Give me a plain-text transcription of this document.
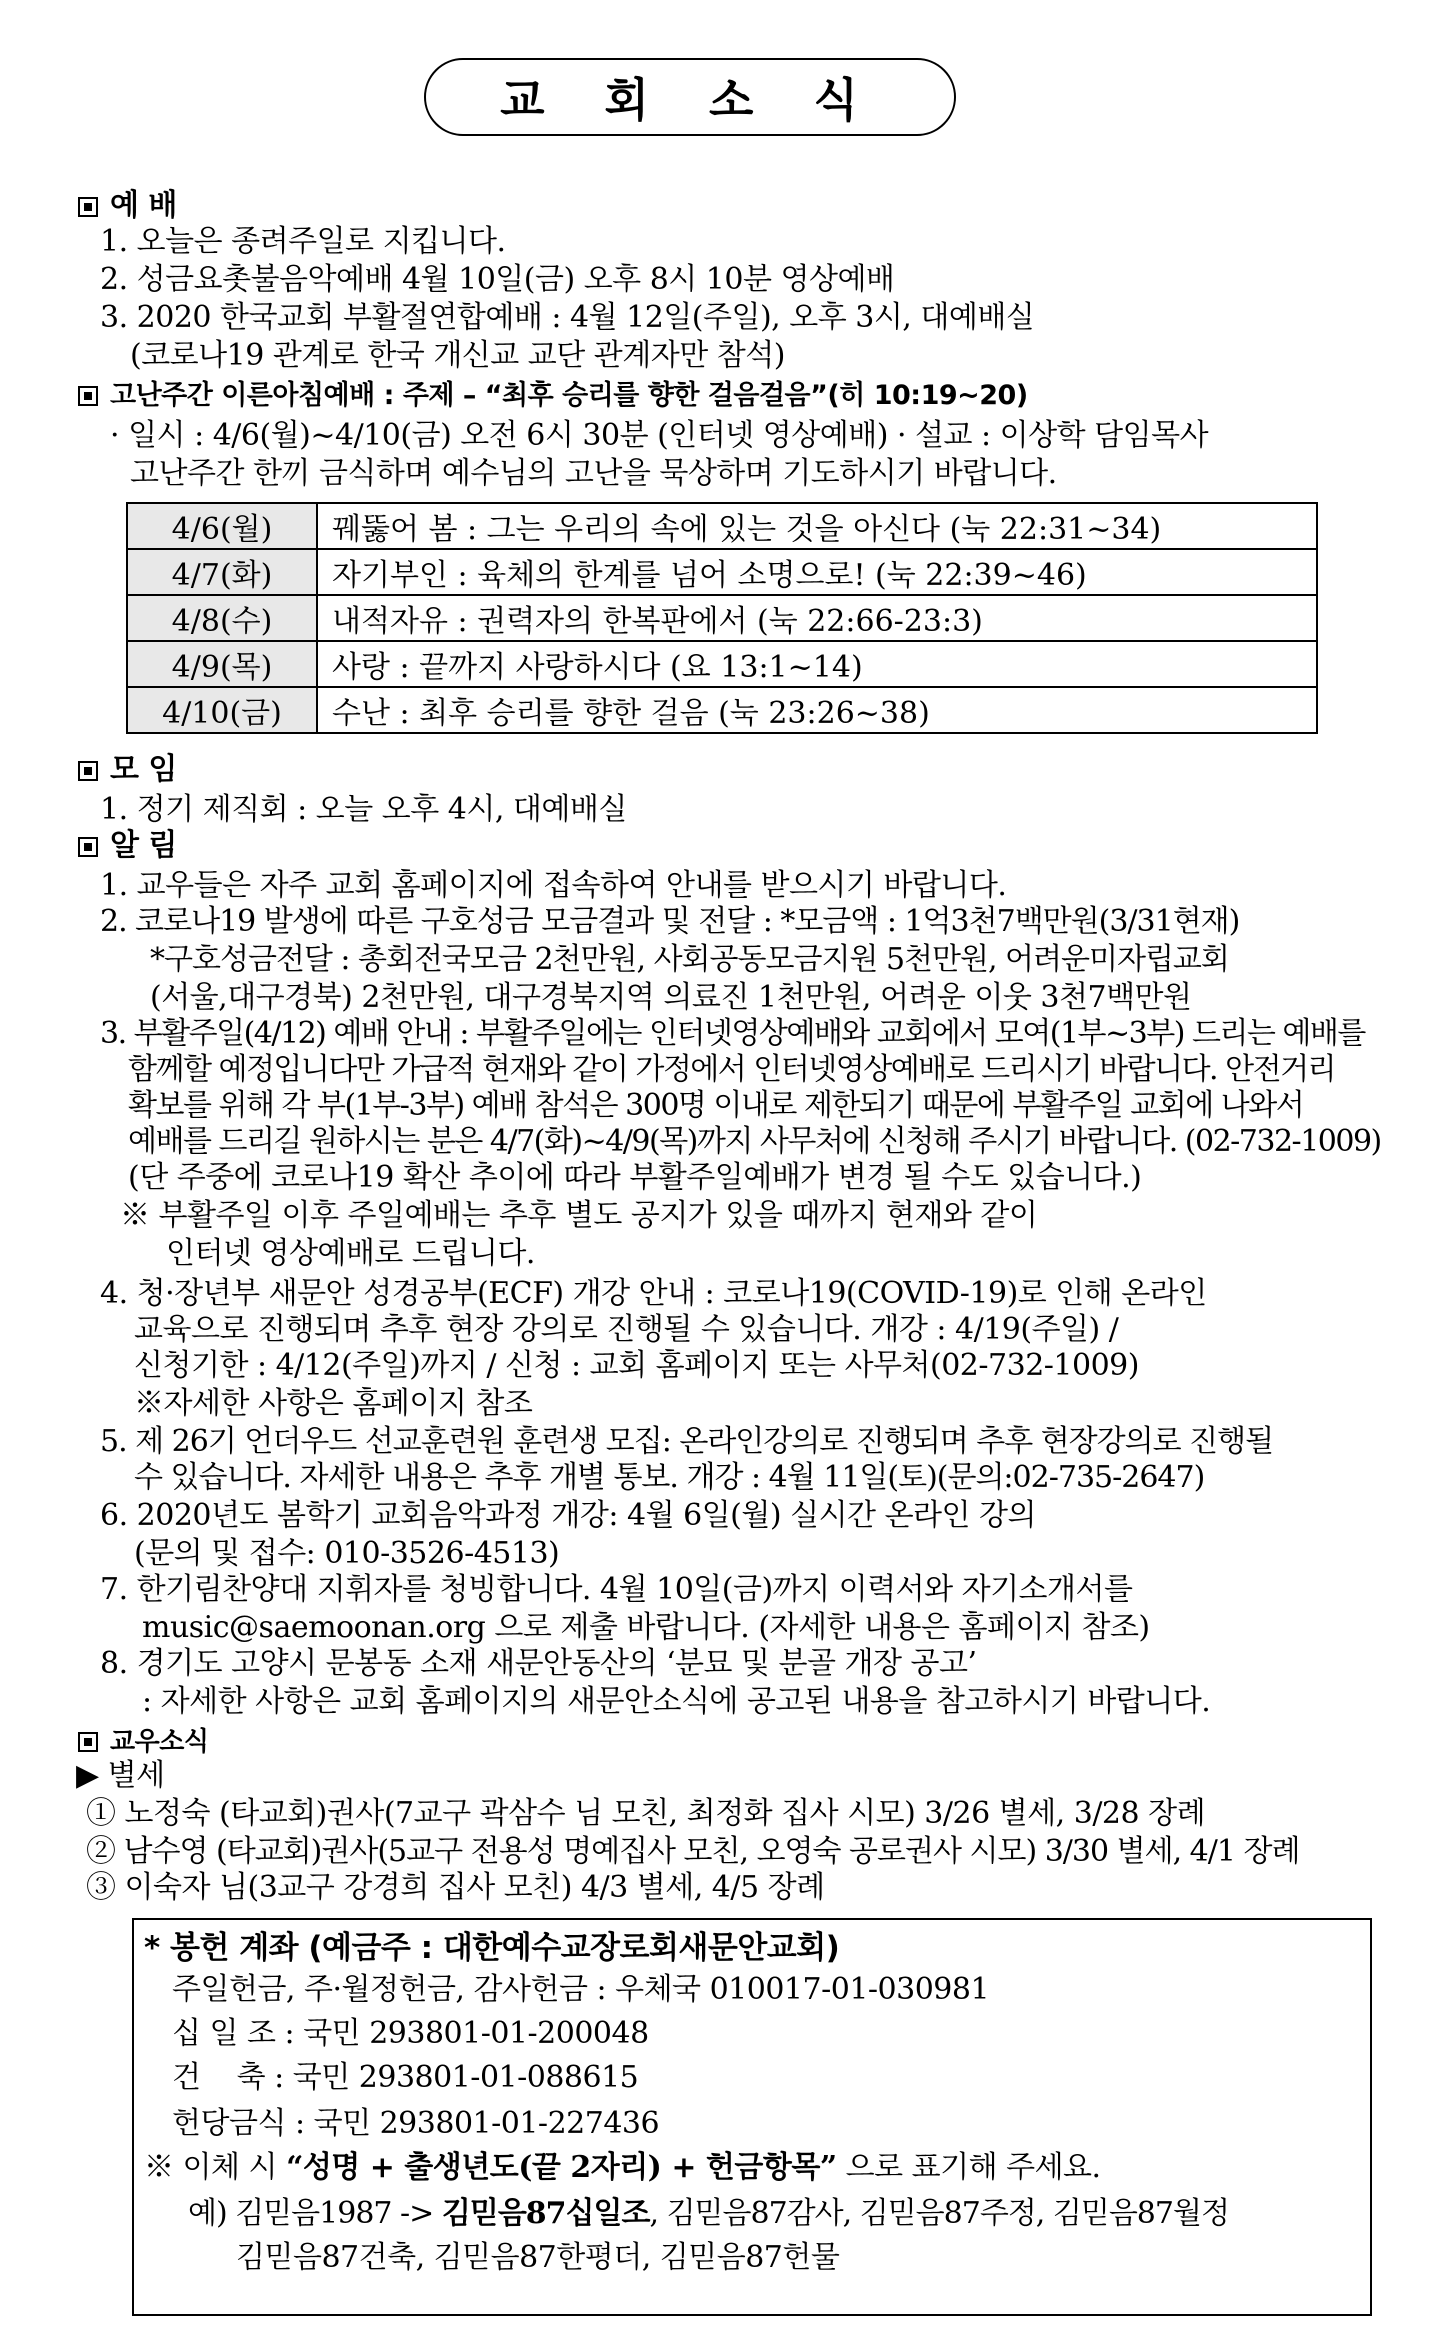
교 회 소 식
예 배
1. 오늘은 종려주일로 지킵니다.
2. 성금요촛불음악예배 4월 10일(금) 오후 8시 10분 영상예배
3. 2020 한국교회 부활절연합예배 : 4월 12일(주일), 오후 3시, 대예배실
(코로나19 관계로 한국 개신교 교단 관계자만 참석)
고난주간 이른아침예배 : 주제 – “최후 승리를 향한 걸음걸음”(히 10:19~20)
· 일시 : 4/6(월)~4/10(금) 오전 6시 30분 (인터넷 영상예배) · 설교 : 이상학 담임목사
고난주간 한끼 금식하며 예수님의 고난을 묵상하며 기도하시기 바랍니다.
4/6(월)	꿰뚫어 봄 : 그는 우리의 속에 있는 것을 아신다 (눅 22:31~34)
4/7(화)	자기부인 : 육체의 한계를 넘어 소명으로! (눅 22:39~46)
4/8(수)	내적자유 : 권력자의 한복판에서 (눅 22:66-23:3)
4/9(목)	사랑 : 끝까지 사랑하시다 (요 13:1~14)
4/10(금)	수난 : 최후 승리를 향한 걸음 (눅 23:26~38)
모 임
1. 정기 제직회 : 오늘 오후 4시, 대예배실
알 림
1. 교우들은 자주 교회 홈페이지에 접속하여 안내를 받으시기 바랍니다.
2. 코로나19 발생에 따른 구호성금 모금결과 및 전달 : *모금액 : 1억3천7백만원(3/31현재)
*구호성금전달 : 총회전국모금 2천만원, 사회공동모금지원 5천만원, 어려운미자립교회
(서울,대구경북) 2천만원, 대구경북지역 의료진 1천만원, 어려운 이웃 3천7백만원
3. 부활주일(4/12) 예배 안내 : 부활주일에는 인터넷영상예배와 교회에서 모여(1부~3부) 드리는 예배를
함께할 예정입니다만 가급적 현재와 같이 가정에서 인터넷영상예배로 드리시기 바랍니다. 안전거리
확보를 위해 각 부(1부-3부) 예배 참석은 300명 이내로 제한되기 때문에 부활주일 교회에 나와서
예배를 드리길 원하시는 분은 4/7(화)~4/9(목)까지 사무처에 신청해 주시기 바랍니다. (02-732-1009)
(단 주중에 코로나19 확산 추이에 따라 부활주일예배가 변경 될 수도 있습니다.)
※ 부활주일 이후 주일예배는 추후 별도 공지가 있을 때까지 현재와 같이
인터넷 영상예배로 드립니다.
4. 청·장년부 새문안 성경공부(ECF) 개강 안내 : 코로나19(COVID-19)로 인해 온라인
교육으로 진행되며 추후 현장 강의로 진행될 수 있습니다. 개강 : 4/19(주일) /
신청기한 : 4/12(주일)까지 / 신청 : 교회 홈페이지 또는 사무처(02-732-1009)
※자세한 사항은 홈페이지 참조
5. 제 26기 언더우드 선교훈련원 훈련생 모집: 온라인강의로 진행되며 추후 현장강의로 진행될
수 있습니다. 자세한 내용은 추후 개별 통보. 개강 : 4월 11일(토)(문의:02-735-2647)
6. 2020년도 봄학기 교회음악과정 개강: 4월 6일(월) 실시간 온라인 강의
(문의 및 접수: 010-3526-4513)
7. 한기림찬양대 지휘자를 청빙합니다. 4월 10일(금)까지 이력서와 자기소개서를
music@saemoonan.org 으로 제출 바랍니다. (자세한 내용은 홈페이지 참조)
8. 경기도 고양시 문봉동 소재 새문안동산의 ‘분묘 및 분골 개장 공고’
: 자세한 사항은 교회 홈페이지의 새문안소식에 공고된 내용을 참고하시기 바랍니다.
교우소식
▶ 별세
① 노정숙 (타교회)권사(7교구 곽삼수 님 모친, 최정화 집사 시모) 3/26 별세, 3/28 장례
② 남수영 (타교회)권사(5교구 전용성 명예집사 모친, 오영숙 공로권사 시모) 3/30 별세, 4/1 장례
③ 이숙자 님(3교구 강경희 집사 모친) 4/3 별세, 4/5 장례
* 봉헌 계좌 (예금주 : 대한예수교장로회새문안교회)
주일헌금, 주·월정헌금, 감사헌금 : 우체국 010017-01-030981
십 일 조 : 국민 293801-01-200048
건    축 : 국민 293801-01-088615
헌당금식 : 국민 293801-01-227436
※ 이체 시 “성명 + 출생년도(끝 2자리) + 헌금항목” 으로 표기해 주세요.
예) 김믿음1987 -> 김믿음87십일조, 김믿음87감사, 김믿음87주정, 김믿음87월정
김믿음87건축, 김믿음87한평더, 김믿음87헌물
